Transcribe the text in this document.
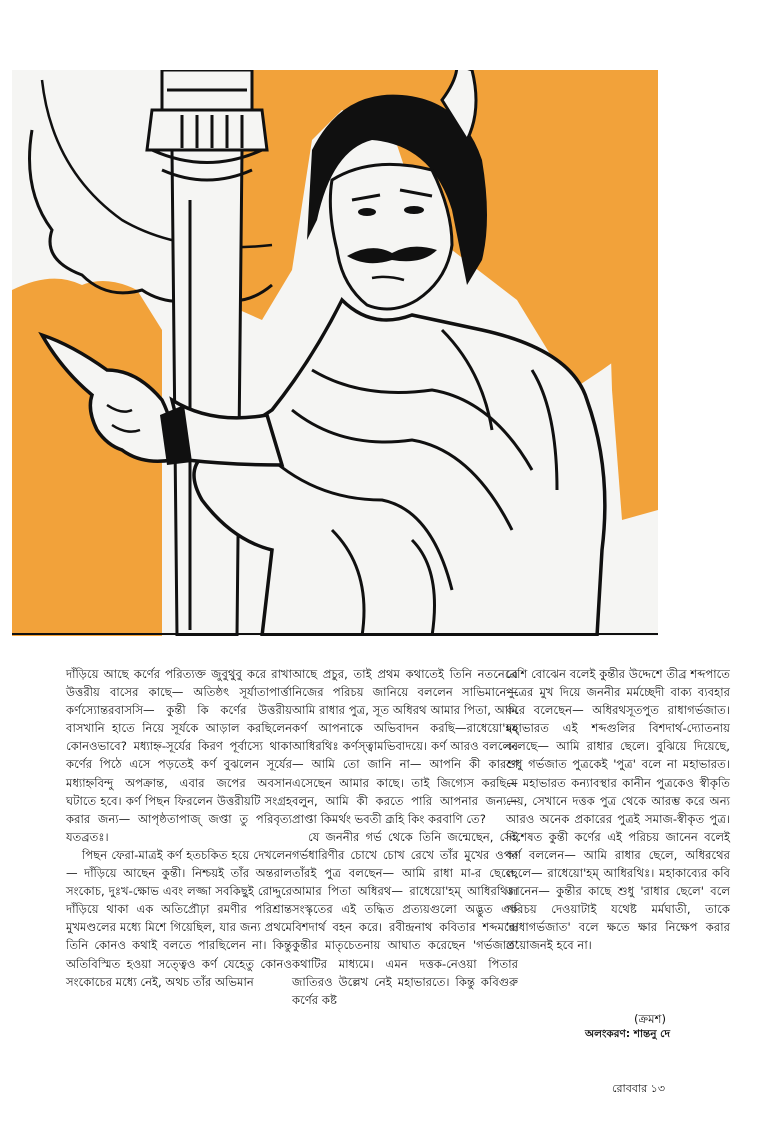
দাঁড়িয়ে আছে কর্ণের পরিত্যক্ত জুবুথুবু করে রাখা উত্তরীয় বাসের কাছে— অতিষ্ঠৎ সূর্যাতাপার্ত্তা কর্ণস্যোন্তরবাসসি— কুন্তী কি কর্ণের উত্তরীয় বাসখানি হাতে নিয়ে সূর্যকে আড়াল করছিলেন কোনওভাবে? মধ্যাহ্ন-সূর্যের কিরণ পূর্বাস্যে থাকা কর্ণের পিঠে এসে পড়তেই কর্ণ বুঝলেন সূর্যের মধ্যাহ্নবিন্দু অপক্রান্ত, এবার জপের অবসান ঘটাতে হবে। কর্ণ পিছন ফিরলেন উত্তরীয়টি সংগ্রহ করার জন্য— আপৃষ্ঠতাপাজ্ জপ্তা তু পরিবৃত্য যতব্রতঃ।

পিছন ফেরা-মাত্রই কর্ণ হতচকিত হয়ে দেখলেন— দাঁড়িয়ে আছেন কুন্তী। নিশ্চয়ই তাঁর অন্তরাল সংকোচ, দুঃখ-ক্ষোভ এবং লজ্জা সবকিছুই রোদ্দুরে দাঁড়িয়ে থাকা এক অতিপ্রৌঢ়া রমণীর পরিশ্রান্ত মুখমণ্ডলের মধ্যে মিশে গিয়েছিল, যার জন্য প্রথমে তিনি কোনও কথাই বলতে পারছিলেন না। কিন্তু অতিবিস্মিত হওয়া সত্ত্বেও কর্ণ যেহেতু কোনও সংকোচের মধ্যে নেই, অথচ তাঁর অভিমান

আছে প্রচুর, তাই প্রথম কথাতেই তিনি নতনেত্রে নিজের পরিচয় জানিয়ে বললেন সাভিমানে— আমি রাধার পুত্র, সূত অধিরথ আমার পিতা, আমি কর্ণ আপনাকে অভিবাদন করছি—রাধেয়ো'হম্ আধিরথিঃ কর্ণস্ত্বামভিবাদয়ে। কর্ণ আরও বললেন— আমি তো জানি না— আপনি কী কারণে এসেছেন আমার কাছে। তাই জিগ্যেস করছি— বলুন, আমি কী করতে পারি আপনার জন্য— প্রাপ্তা কিমর্থং ভবতী ব্রূহি কিং করবাণি তে?

যে জননীর গর্ভ থেকে তিনি জন্মেছেন, সেই গর্ভধারিণীর চোখে চোখ রেখে তাঁর মুখের ওপর তাঁরই পুত্র বলছেন— আমি রাধা মা-র ছেলে, আমার পিতা অধিরথ— রাধেয়ো'হম্ আধিরথিঃ। সংস্কৃতের এই তদ্ধিত প্রত্যয়গুলো অদ্ভুত এক বিশদার্থ বহন করে। রবীন্দ্রনাথ কবিতার শব্দমন্দ্রে কুন্তীর মাতৃচেতনায় আঘাত করেছেন 'গর্ভজাত' কথাটির মাধ্যমে। এমন দত্তক-নেওয়া পিতার জাতিরও উল্লেখ নেই মহাভারতে। কিন্তু কবিগুরু কর্ণের কষ্ট

বেশি বোঝেন বলেই কুন্তীর উদ্দেশে তীব্র শব্দপাতে পুত্রের মুখ দিয়ে জননীর মর্মচ্ছেদী বাক্য ব্যবহার করে বলেছেন— অধিরথসূতপুত রাধাগর্ভজাত। মহাভারত এই শব্দগুলির বিশদার্থ-দ্যোতনায় বলেছে— আমি রাধার ছেলে। বুঝিয়ে দিয়েছে, শুধু গর্ভজাত পুত্রকেই 'পুত্র' বলে না মহাভারত। যে মহাভারত কন্যাবস্থার কানীন পুত্রকেও স্বীকৃতি দেয়, সেখানে দত্তক পুত্র থেকে আরম্ভ করে অন্য আরও অনেক প্রকারের পুত্রই সমাজ-স্বীকৃত পুত্র। বিশেষত কুন্তী কর্ণের এই পরিচয় জানেন বলেই কর্ণ বললেন— আমি রাধার ছেলে, অধিরথের ছেলে— রাধেয়ো'হম্ আধিরথিঃ। মহাকাব্যের কবি জানেন— কুন্তীর কাছে শুধু 'রাধার ছেলে' বলে পরিচয় দেওয়াটাই যথেষ্ট মর্মঘাতী, তাকে 'রাধাগর্ভজাত' বলে ক্ষতে ক্ষার নিক্ষেপ করার প্রয়োজনই হবে না।

(ক্রমশ)
অলংকরণ: শান্তনু দে
রোববার ১৩
